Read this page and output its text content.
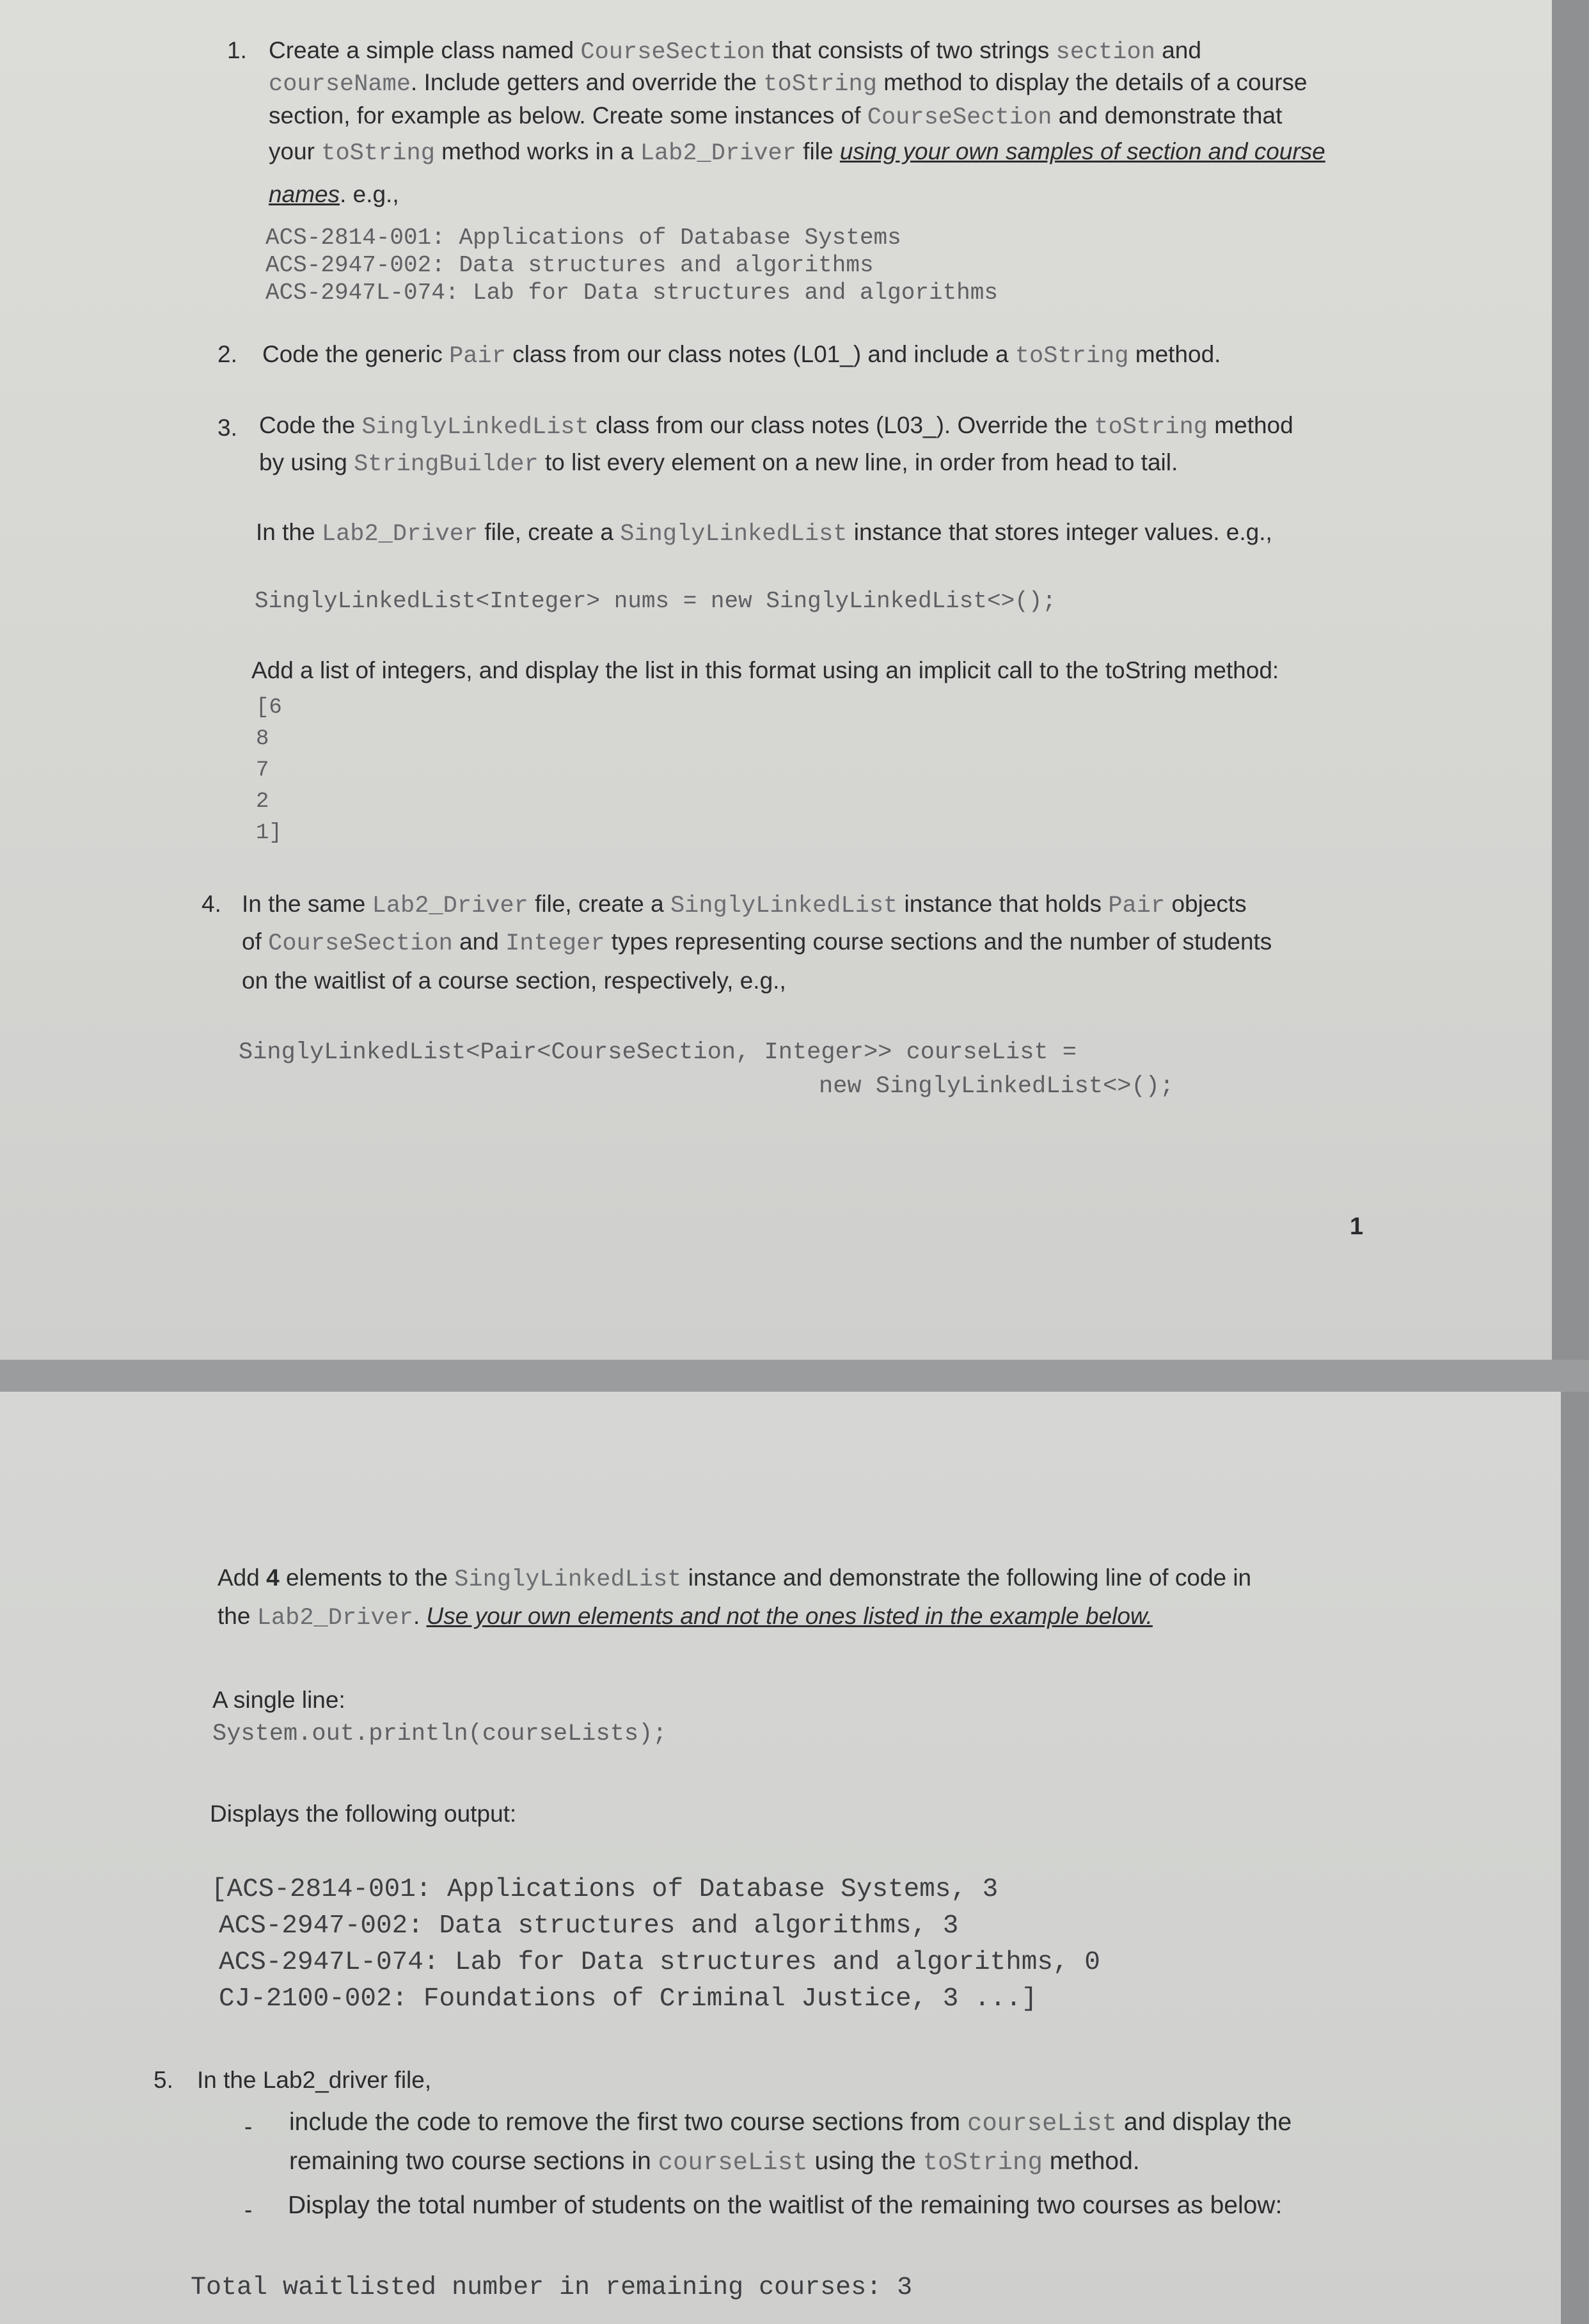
1. Create a simple class named CourseSection that consists of two strings section and
courseName. Include getters and override the toString method to display the details of a course
section, for example as below. Create some instances of CourseSection and demonstrate that
your toString method works in a Lab2_Driver file using your own samples of section and course
names. e.g.,
ACS-2814-001: Applications of Database Systems
ACS-2947-002: Data structures and algorithms
ACS-2947L-074: Lab for Data structures and algorithms
2. Code the generic Pair class from our class notes (L01_) and include a toString method.
3. Code the SinglyLinkedList class from our class notes (L03_). Override the toString method
by using StringBuilder to list every element on a new line, in order from head to tail.
In the Lab2_Driver file, create a SinglyLinkedList instance that stores integer values. e.g.,
SinglyLinkedList<Integer> nums = new SinglyLinkedList<>();
Add a list of integers, and display the list in this format using an implicit call to the toString method:
[6
8
7
2
1]
4. In the same Lab2_Driver file, create a SinglyLinkedList instance that holds Pair objects
of CourseSection and Integer types representing course sections and the number of students
on the waitlist of a course section, respectively, e.g.,
SinglyLinkedList<Pair<CourseSection, Integer>> courseList =
new SinglyLinkedList<>();
1
Add 4 elements to the SinglyLinkedList instance and demonstrate the following line of code in
the Lab2_Driver. Use your own elements and not the ones listed in the example below.
A single line:
System.out.println(courseLists);
Displays the following output:
[ACS-2814-001: Applications of Database Systems, 3
ACS-2947-002: Data structures and algorithms, 3
ACS-2947L-074: Lab for Data structures and algorithms, 0
CJ-2100-002: Foundations of Criminal Justice, 3 ...]
5. In the Lab2_driver file,
- include the code to remove the first two course sections from courseList and display the
remaining two course sections in courseList using the toString method.
- Display the total number of students on the waitlist of the remaining two courses as below:
Total waitlisted number in remaining courses: 3
